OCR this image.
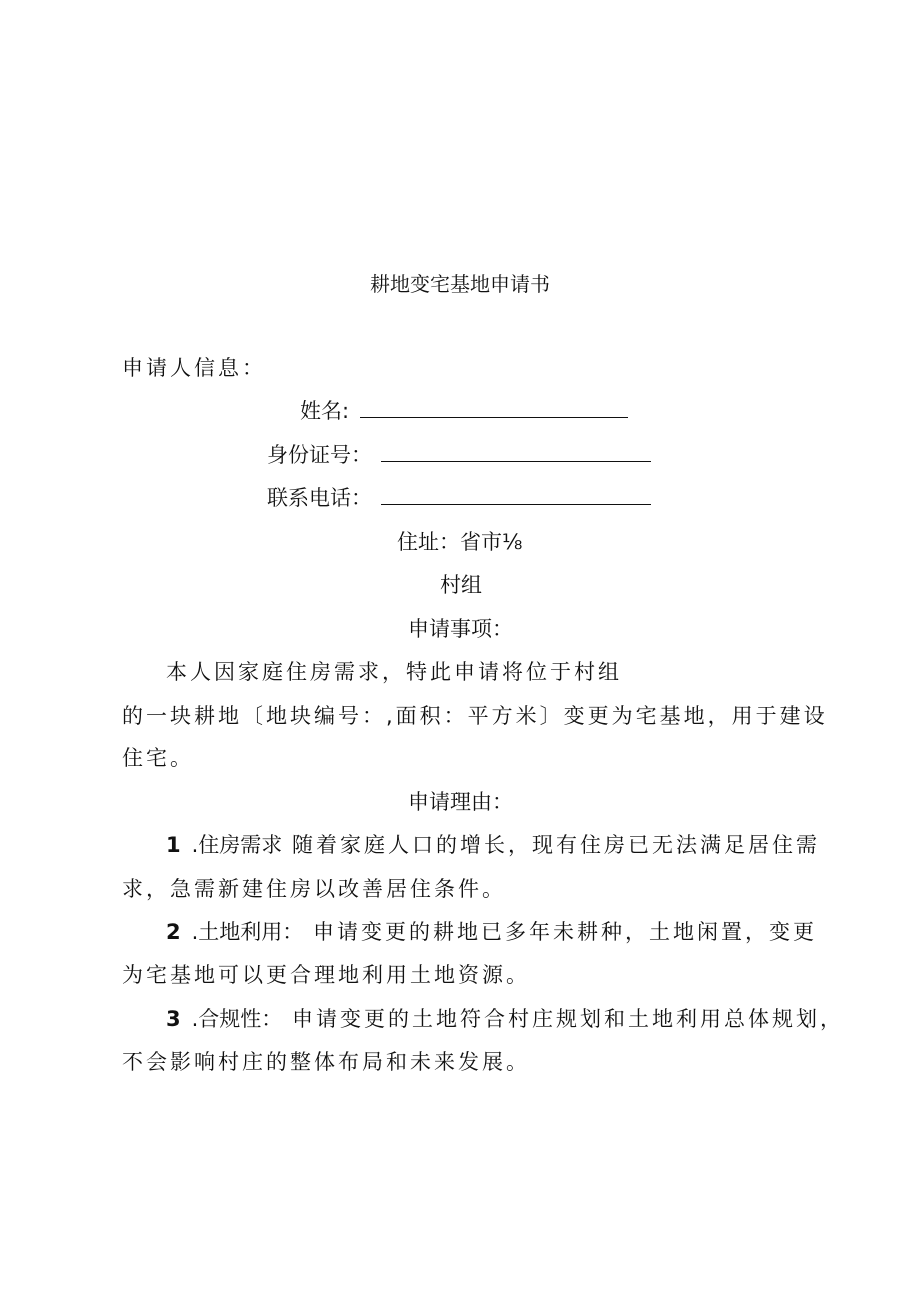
耕地变宅基地申请书
申请人信息：
姓名:
身份证号：
联系电话：
住址：省市⅛
村组
申请事项：
本人因家庭住房需求，特此申请将位于村组
的一块耕地〔地块编号：,面积：平方米〕变更为宅基地，用于建设
住宅。
申请理由：
1 .住房需求 随着家庭人口的增长，现有住房已无法满足居住需
求，急需新建住房以改善居住条件。
2 .土地利用： 申请变更的耕地已多年未耕种，土地闲置，变更
为宅基地可以更合理地利用土地资源。
3 .合规性： 申请变更的土地符合村庄规划和土地利用总体规划，
不会影响村庄的整体布局和未来发展。
